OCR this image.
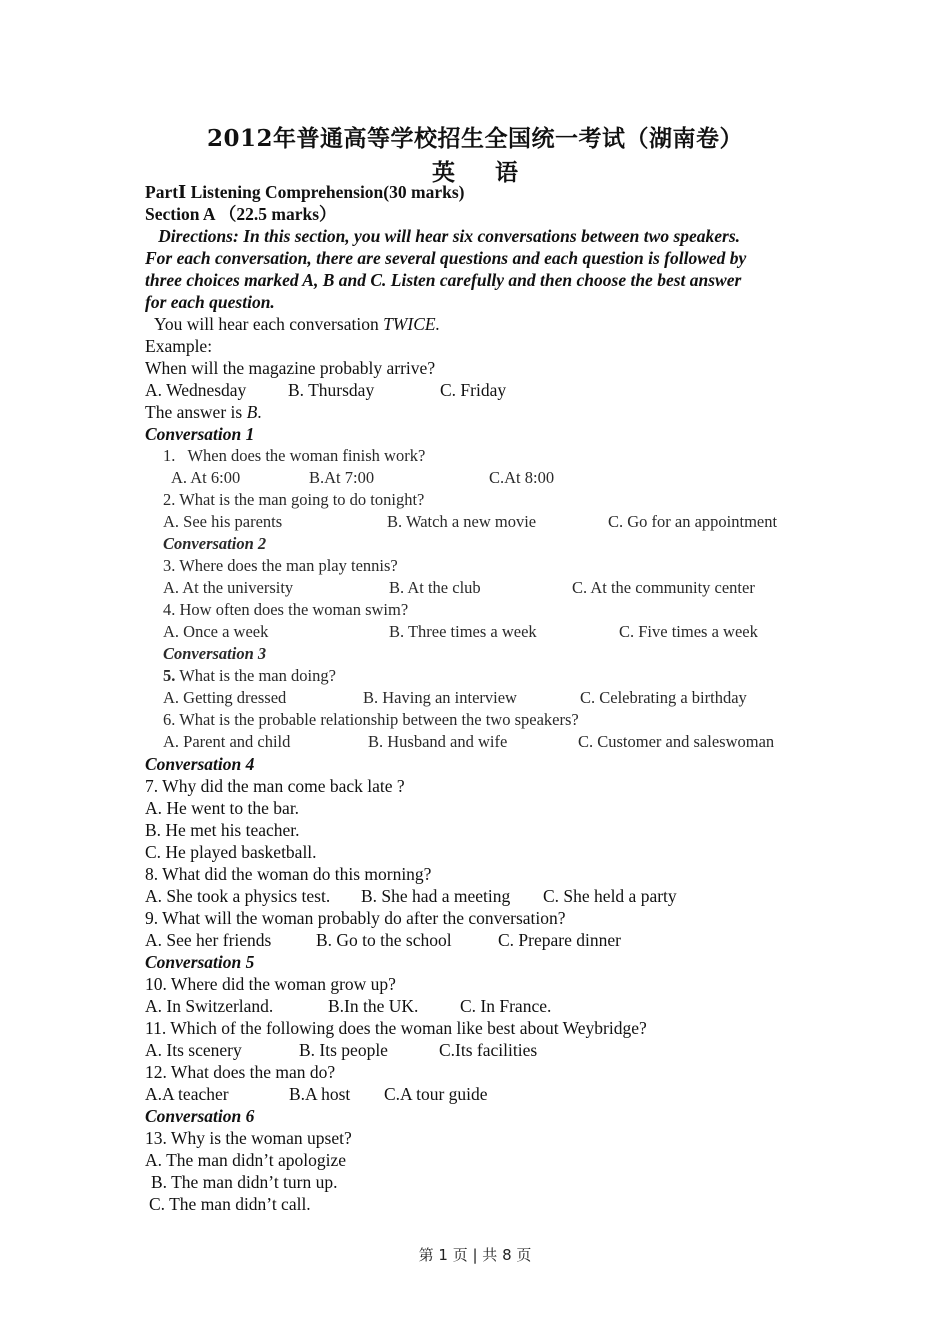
2012年普通高等学校招生全国统一考试（湖南卷）
英语
PartⅠ Listening Comprehension(30 marks)
Section A （22.5 marks）
Directions: In this section, you will hear six conversations between two speakers.
For each conversation, there are several questions and each question is followed by
three choices marked A, B and C. Listen carefully and then choose the best answer
for each question.
You will hear each conversation TWICE.
Example:
When will the magazine probably arrive?
A. Wednesday B. Thursday	C. Friday
The answer is B.
Conversation 1
1.   When does the woman finish work?
A. At 6:00	B.At 7:00	C.At 8:00
2. What is the man going to do tonight?
A. See his parents	B. Watch a new movie	C. Go for an appointment
Conversation 2
3. Where does the man play tennis?
A. At the university	B. At the club	C. At the community center
4. How often does the woman swim?
A. Once a week	B. Three times a week	C. Five times a week
Conversation 3
5. What is the man doing?
A. Getting dressed	B. Having an interview	C. Celebrating a birthday
6. What is the probable relationship between the two speakers?
A. Parent and child	B. Husband and wife	C. Customer and saleswoman
Conversation 4
7. Why did the man come back late ?
A. He went to the bar.
B. He met his teacher.
C. He played basketball.
8. What did the woman do this morning?
A. She took a physics test. B. She had a meeting C. She held a party
9. What will the woman probably do after the conversation?
A. See her friends	B. Go to the school	C. Prepare dinner
Conversation 5
10. Where did the woman grow up?
A. In Switzerland.	B.In the UK. C. In France.
11. Which of the following does the woman like best about Weybridge?
A. Its scenery	B. Its people	C.Its facilities
12. What does the man do?
A.A teacher	B.A host C.A tour guide
Conversation 6
13. Why is the woman upset?
A. The man didn’t apologize
B. The man didn’t turn up.
C. The man didn’t call.
第 1 页 | 共 8 页
